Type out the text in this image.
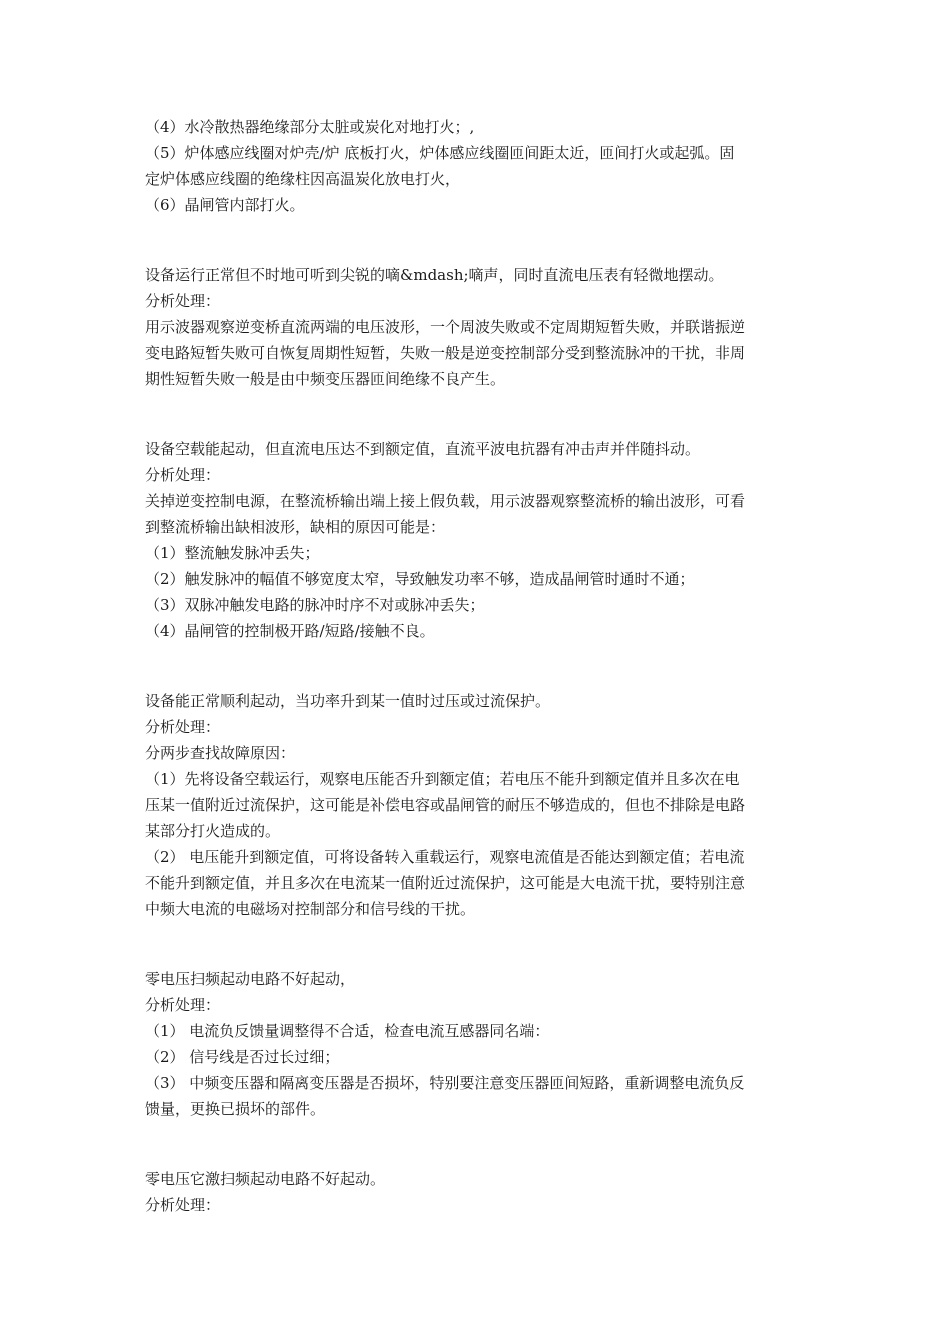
（4）水冷散热器绝缘部分太脏或炭化对地打火；,
（5）炉体感应线圈对炉壳/炉 底板打火，炉体感应线圈匝间距太近，匝间打火或起弧。固
定炉体感应线圈的绝缘柱因高温炭化放电打火，
（6）晶闸管内部打火。
设备运行正常但不时地可听到尖锐的嘀&mdash;嘀声，同时直流电压表有轻微地摆动。
分析处理：
用示波器观察逆变桥直流两端的电压波形，一个周波失败或不定周期短暂失败，并联谐振逆
变电路短暂失败可自恢复周期性短暂，失败一般是逆变控制部分受到整流脉冲的干扰，非周
期性短暂失败一般是由中频变压器匝间绝缘不良产生。
设备空载能起动，但直流电压达不到额定值，直流平波电抗器有冲击声并伴随抖动。
分析处理：
关掉逆变控制电源，在整流桥输出端上接上假负载，用示波器观察整流桥的输出波形，可看
到整流桥输出缺相波形，缺相的原因可能是：
（1）整流触发脉冲丢失；
（2）触发脉冲的幅值不够宽度太窄，导致触发功率不够，造成晶闸管时通时不通；
（3）双脉冲触发电路的脉冲时序不对或脉冲丢失；
（4）晶闸管的控制极开路/短路/接触不良。
设备能正常顺利起动，当功率升到某一值时过压或过流保护。
分析处理：
分两步查找故障原因：
（1）先将设备空载运行，观察电压能否升到额定值；若电压不能升到额定值并且多次在电
压某一值附近过流保护，这可能是补偿电容或晶闸管的耐压不够造成的，但也不排除是电路
某部分打火造成的。
（2） 电压能升到额定值，可将设备转入重载运行，观察电流值是否能达到额定值；若电流
不能升到额定值，并且多次在电流某一值附近过流保护，这可能是大电流干扰，要特别注意
中频大电流的电磁场对控制部分和信号线的干扰。
零电压扫频起动电路不好起动，
分析处理：
（1） 电流负反馈量调整得不合适，检查电流互感器同名端：
（2） 信号线是否过长过细；
（3） 中频变压器和隔离变压器是否损坏，特别要注意变压器匝间短路，重新调整电流负反
馈量，更换已损坏的部件。
零电压它激扫频起动电路不好起动。
分析处理：
